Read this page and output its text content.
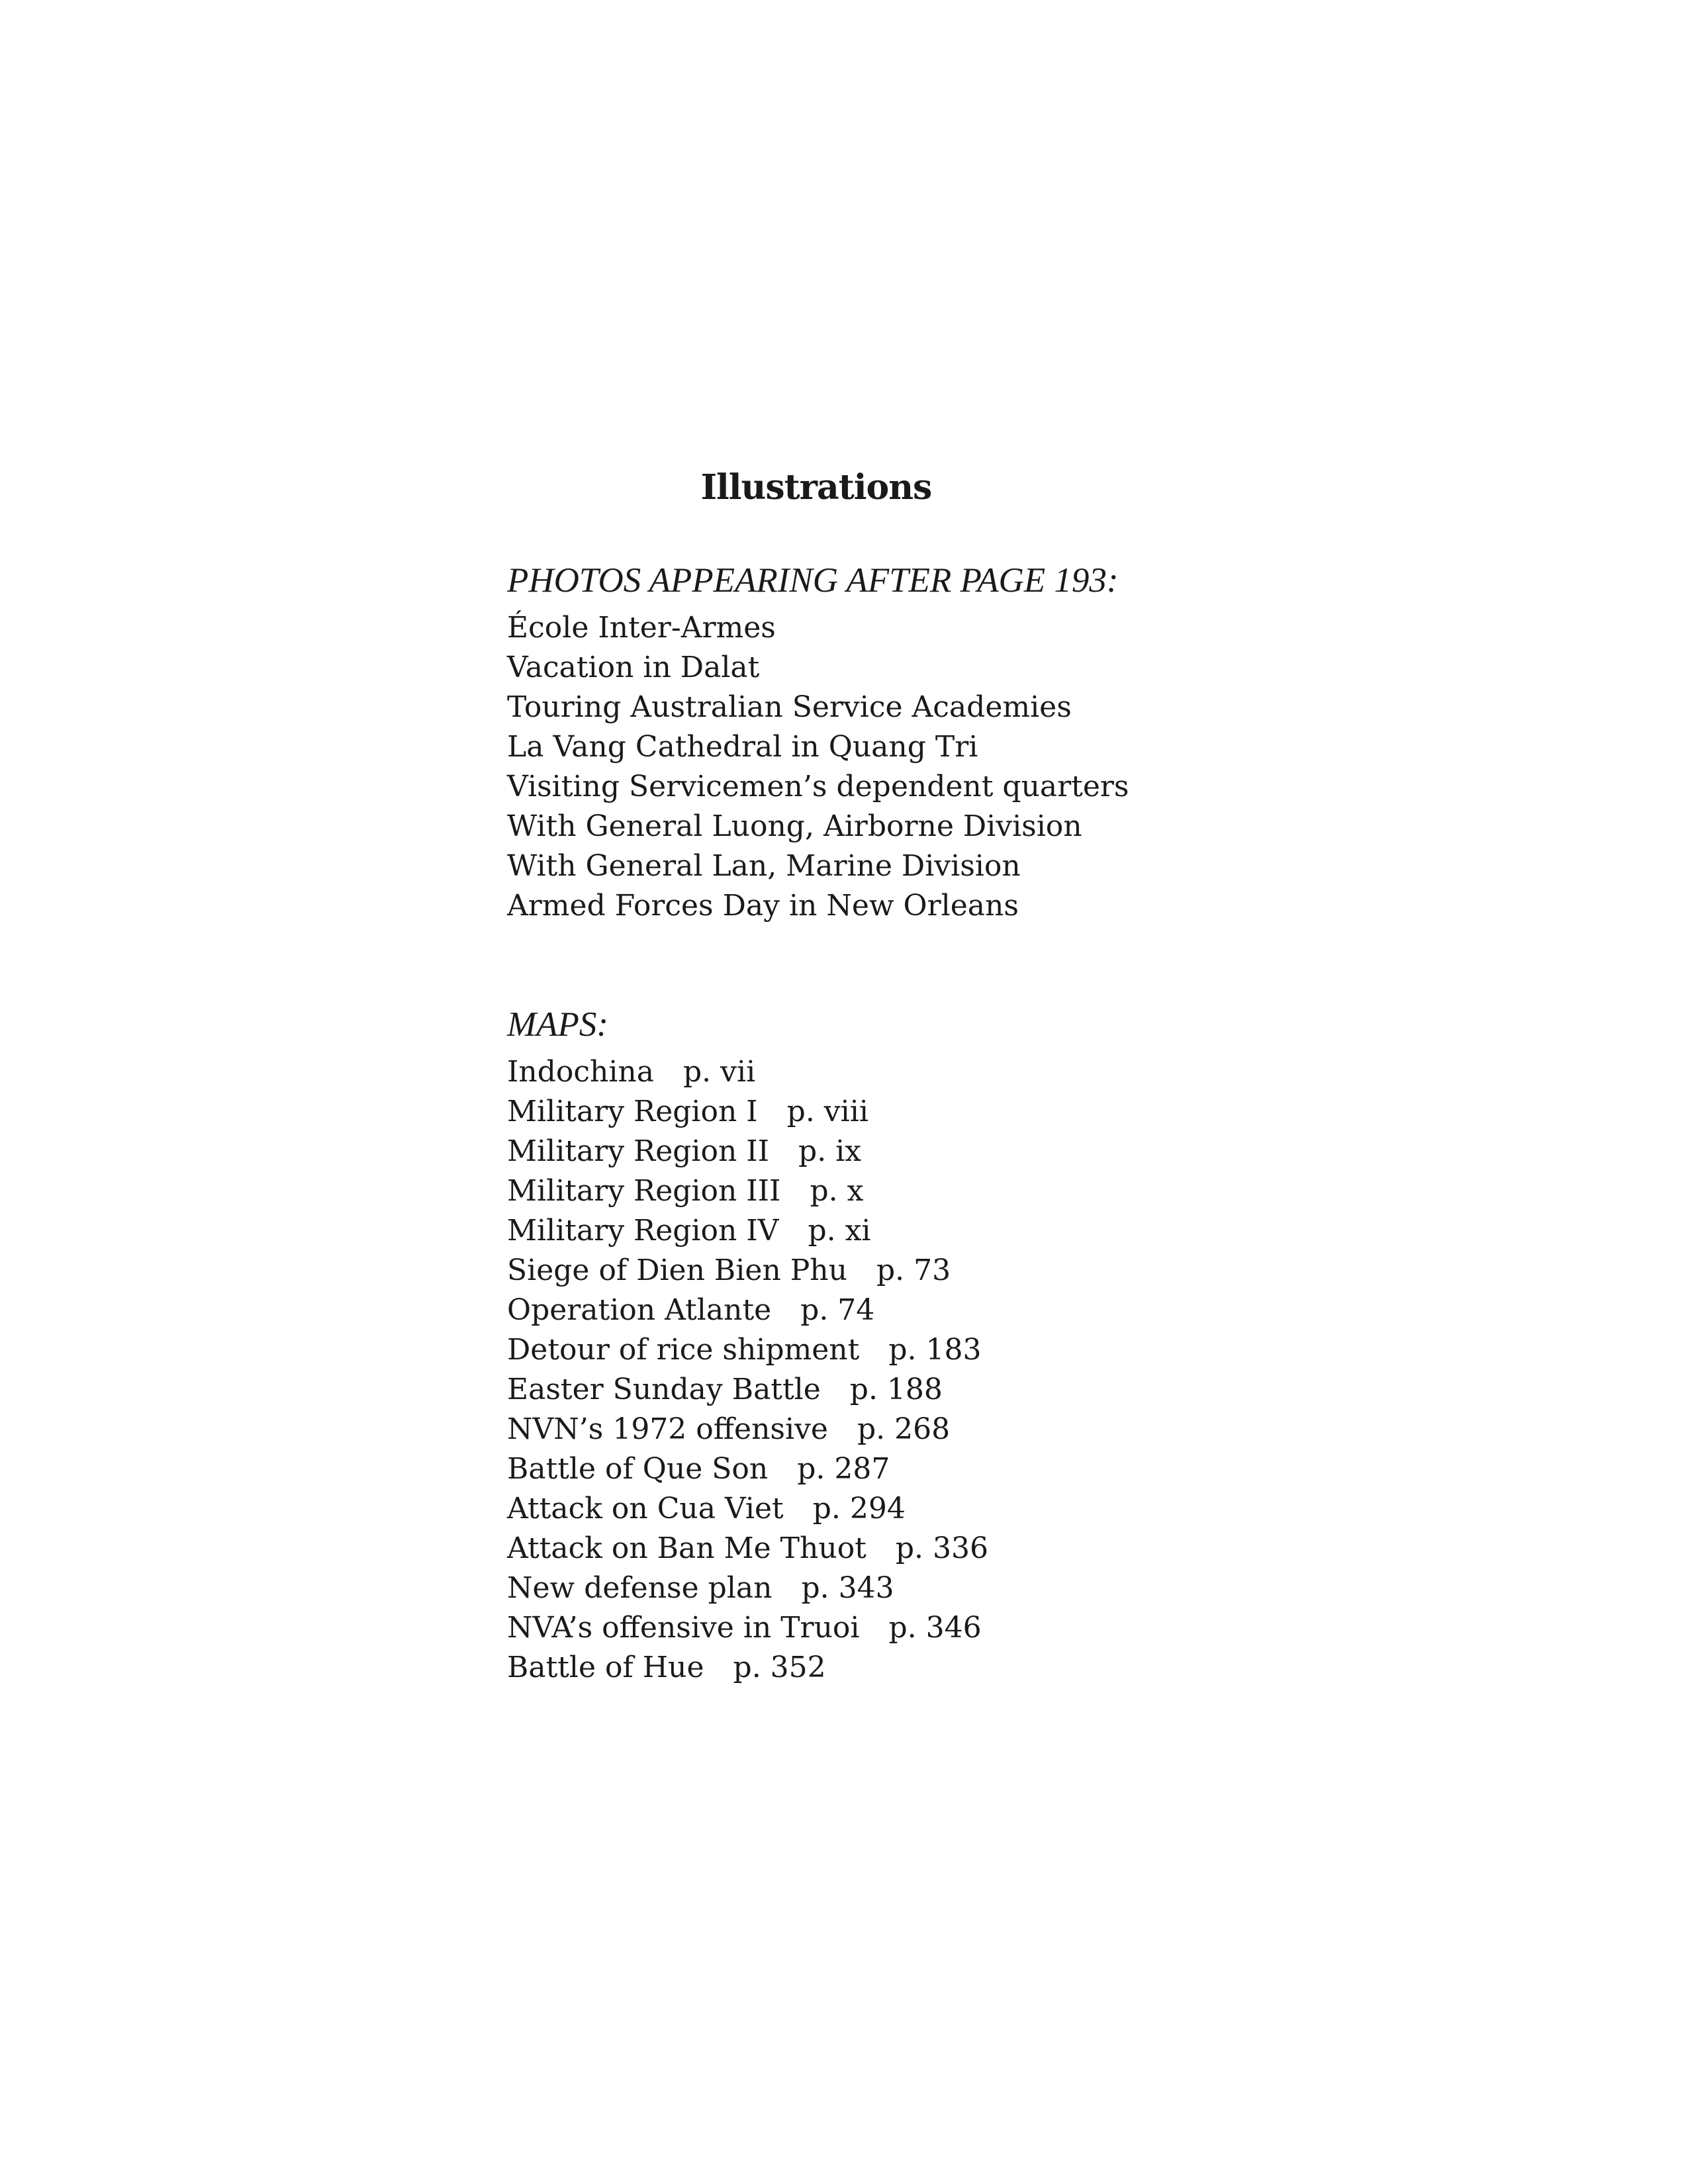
Illustrations
PHOTOS APPEARING AFTER PAGE 193:
École Inter-Armes
Vacation in Dalat
Touring Australian Service Academies
La Vang Cathedral in Quang Tri
Visiting Servicemen’s dependent quarters
With General Luong, Airborne Division
With General Lan, Marine Division
Armed Forces Day in New Orleans
MAPS:
Indochina p. vii
Military Region I p. viii
Military Region II p. ix
Military Region III p. x
Military Region IV p. xi
Siege of Dien Bien Phu p. 73
Operation Atlante p. 74
Detour of rice shipment p. 183
Easter Sunday Battle p. 188
NVN’s 1972 offensive p. 268
Battle of Que Son p. 287
Attack on Cua Viet p. 294
Attack on Ban Me Thuot p. 336
New defense plan p. 343
NVA’s offensive in Truoi p. 346
Battle of Hue p. 352
